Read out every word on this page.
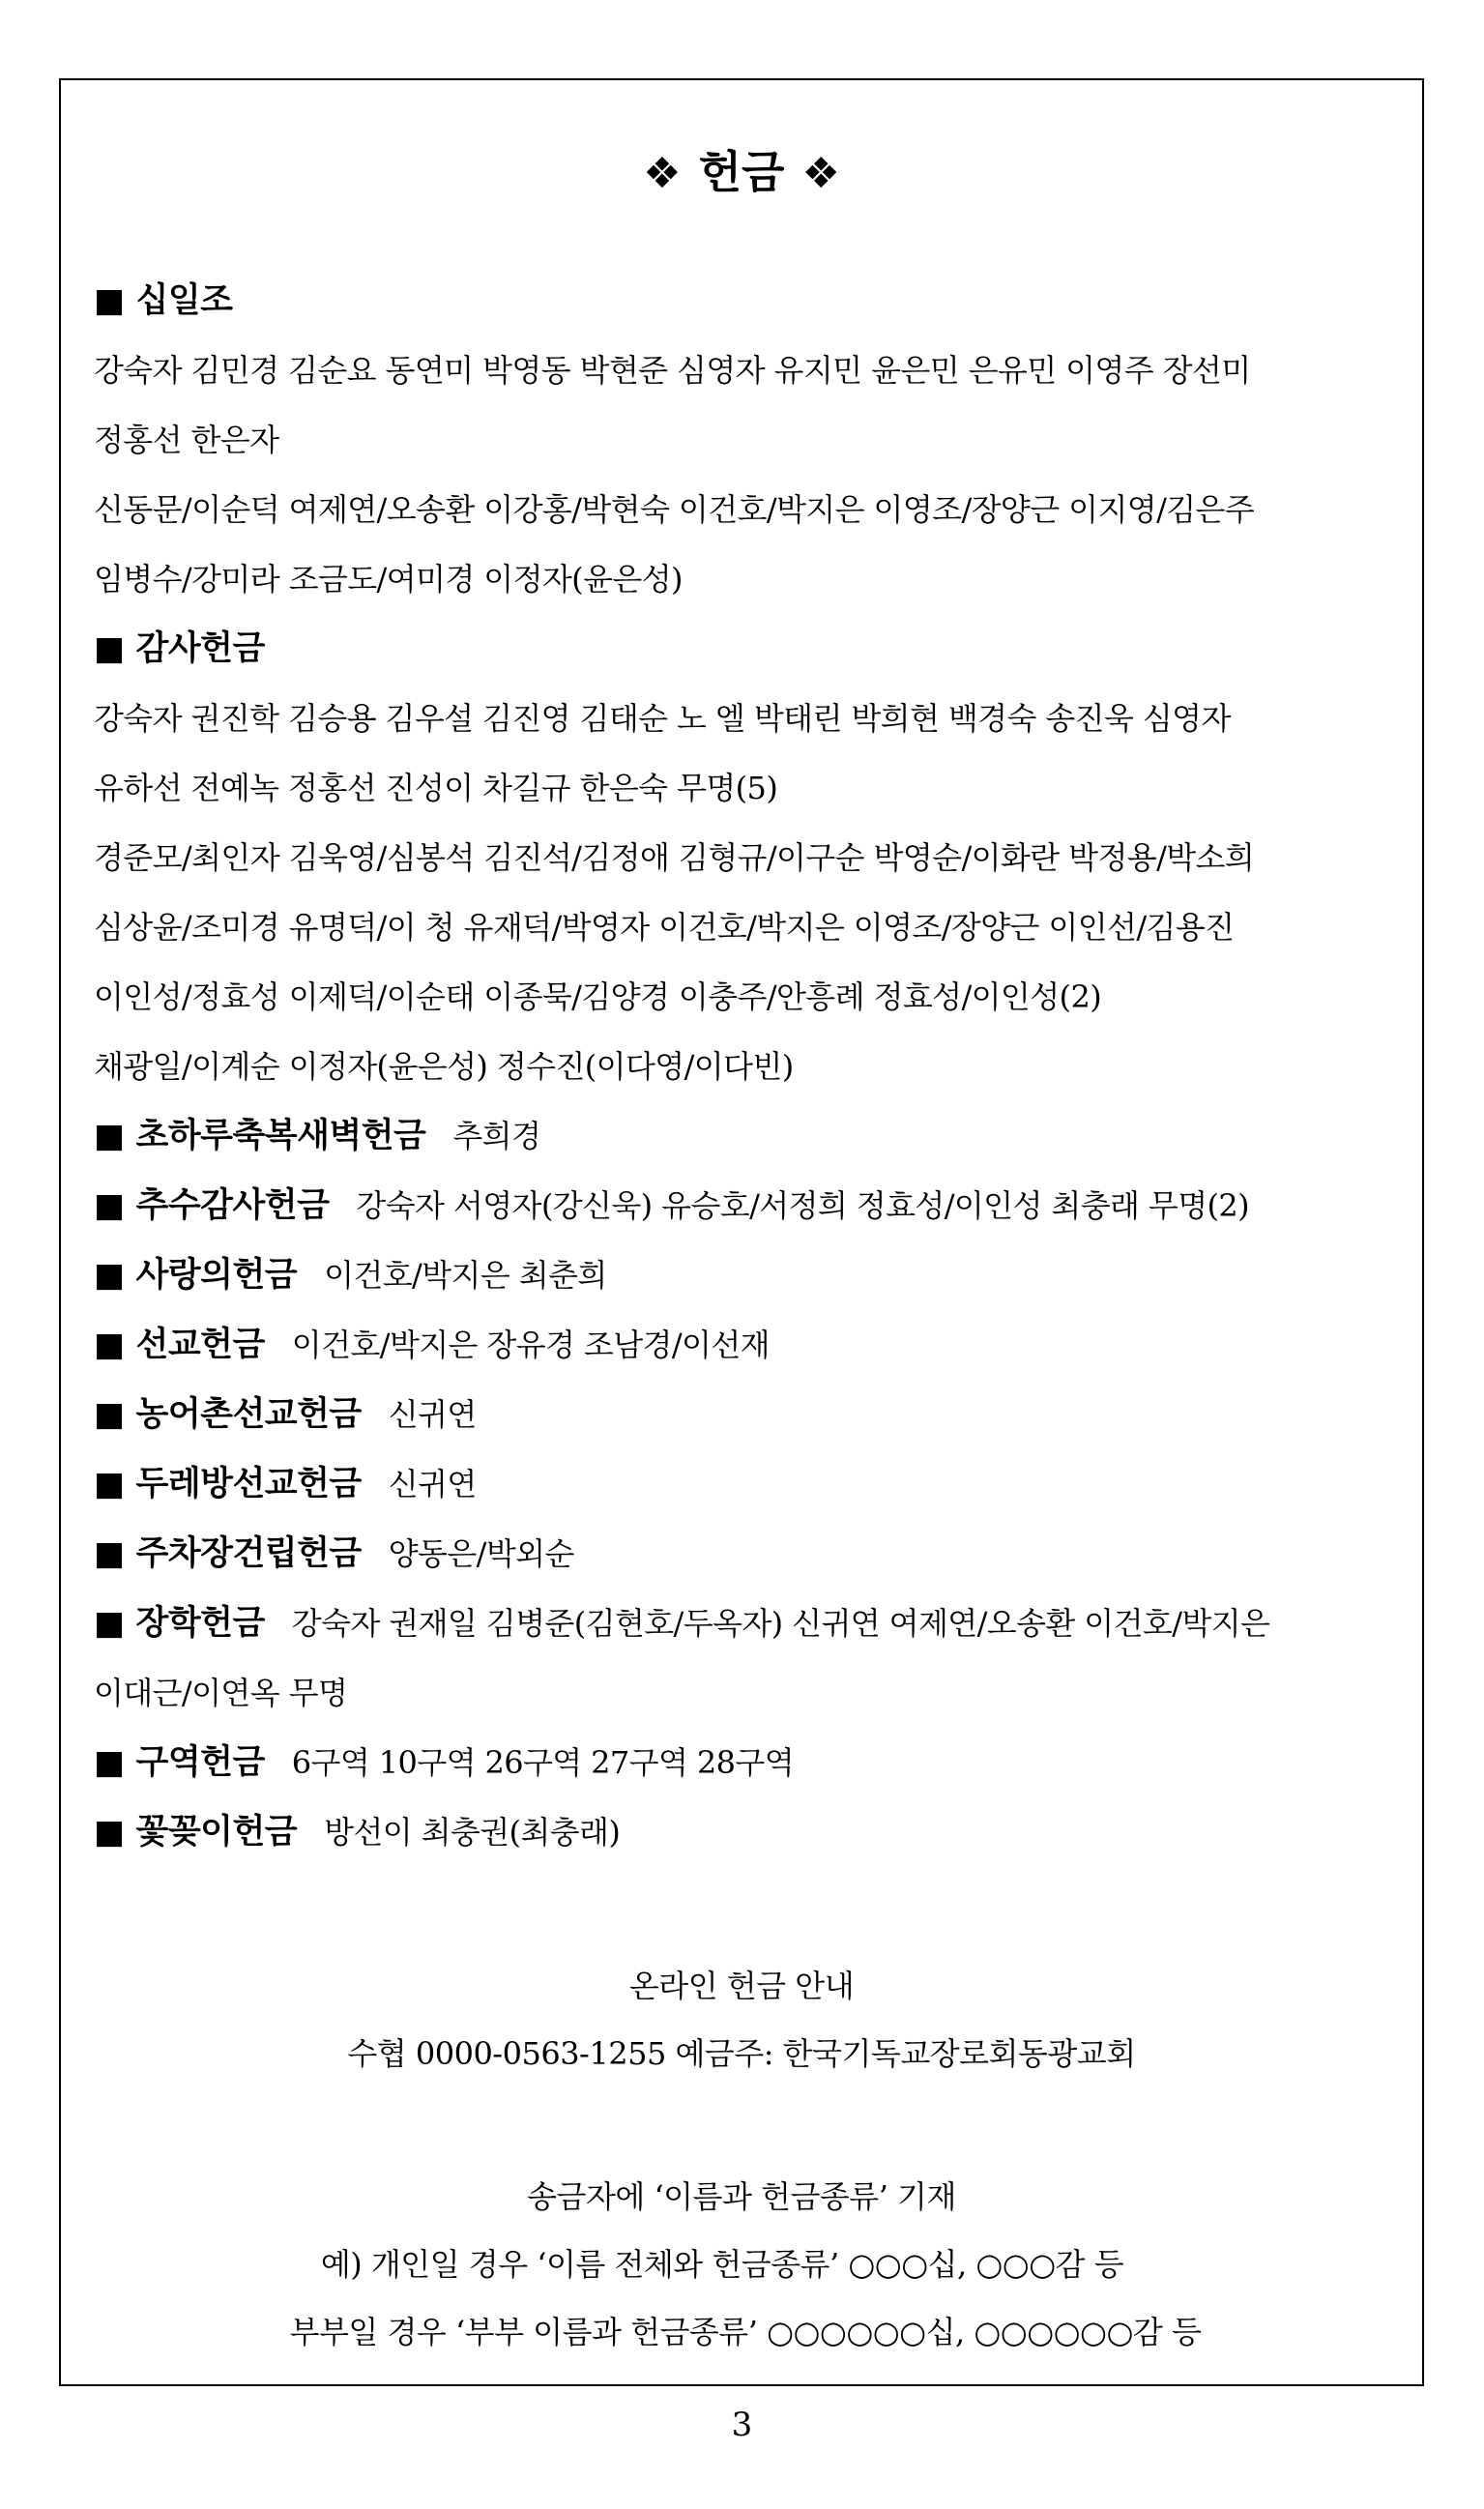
❖ 헌금 ❖
■ 십일조
강숙자 김민경 김순요 동연미 박영동 박현준 심영자 유지민 윤은민 은유민 이영주 장선미
정홍선 한은자
신동문/이순덕 여제연/오송환 이강홍/박현숙 이건호/박지은 이영조/장양근 이지영/김은주
임병수/강미라 조금도/여미경 이정자(윤은성)
■ 감사헌금
강숙자 권진학 김승용 김우설 김진영 김태순 노 엘 박태린 박희현 백경숙 송진욱 심영자
유하선 전예녹 정홍선 진성이 차길규 한은숙 무명(5)
경준모/최인자 김욱영/심봉석 김진석/김정애 김형규/이구순 박영순/이화란 박정용/박소희
심상윤/조미경 유명덕/이 청 유재덕/박영자 이건호/박지은 이영조/장양근 이인선/김용진
이인성/정효성 이제덕/이순태 이종묵/김양경 이충주/안흥례 정효성/이인성(2)
채광일/이계순 이정자(윤은성) 정수진(이다영/이다빈)
■ 초하루축복새벽헌금 추희경
■ 추수감사헌금 강숙자 서영자(강신욱) 유승호/서정희 정효성/이인성 최충래 무명(2)
■ 사랑의헌금 이건호/박지은 최춘희
■ 선교헌금 이건호/박지은 장유경 조남경/이선재
■ 농어촌선교헌금 신귀연
■ 두레방선교헌금 신귀연
■ 주차장건립헌금 양동은/박외순
■ 장학헌금 강숙자 권재일 김병준(김현호/두옥자) 신귀연 여제연/오송환 이건호/박지은
이대근/이연옥 무명
■ 구역헌금 6구역 10구역 26구역 27구역 28구역
■ 꽃꽂이헌금 방선이 최충권(최충래)
온라인 헌금 안내
수협 0000-0563-1255 예금주: 한국기독교장로회동광교회
송금자에 ‘이름과 헌금종류’ 기재
예) 개인일 경우 ‘이름 전체와 헌금종류’ ○○○십, ○○○감 등
부부일 경우 ‘부부 이름과 헌금종류’ ○○○○○○십, ○○○○○○감 등
3
